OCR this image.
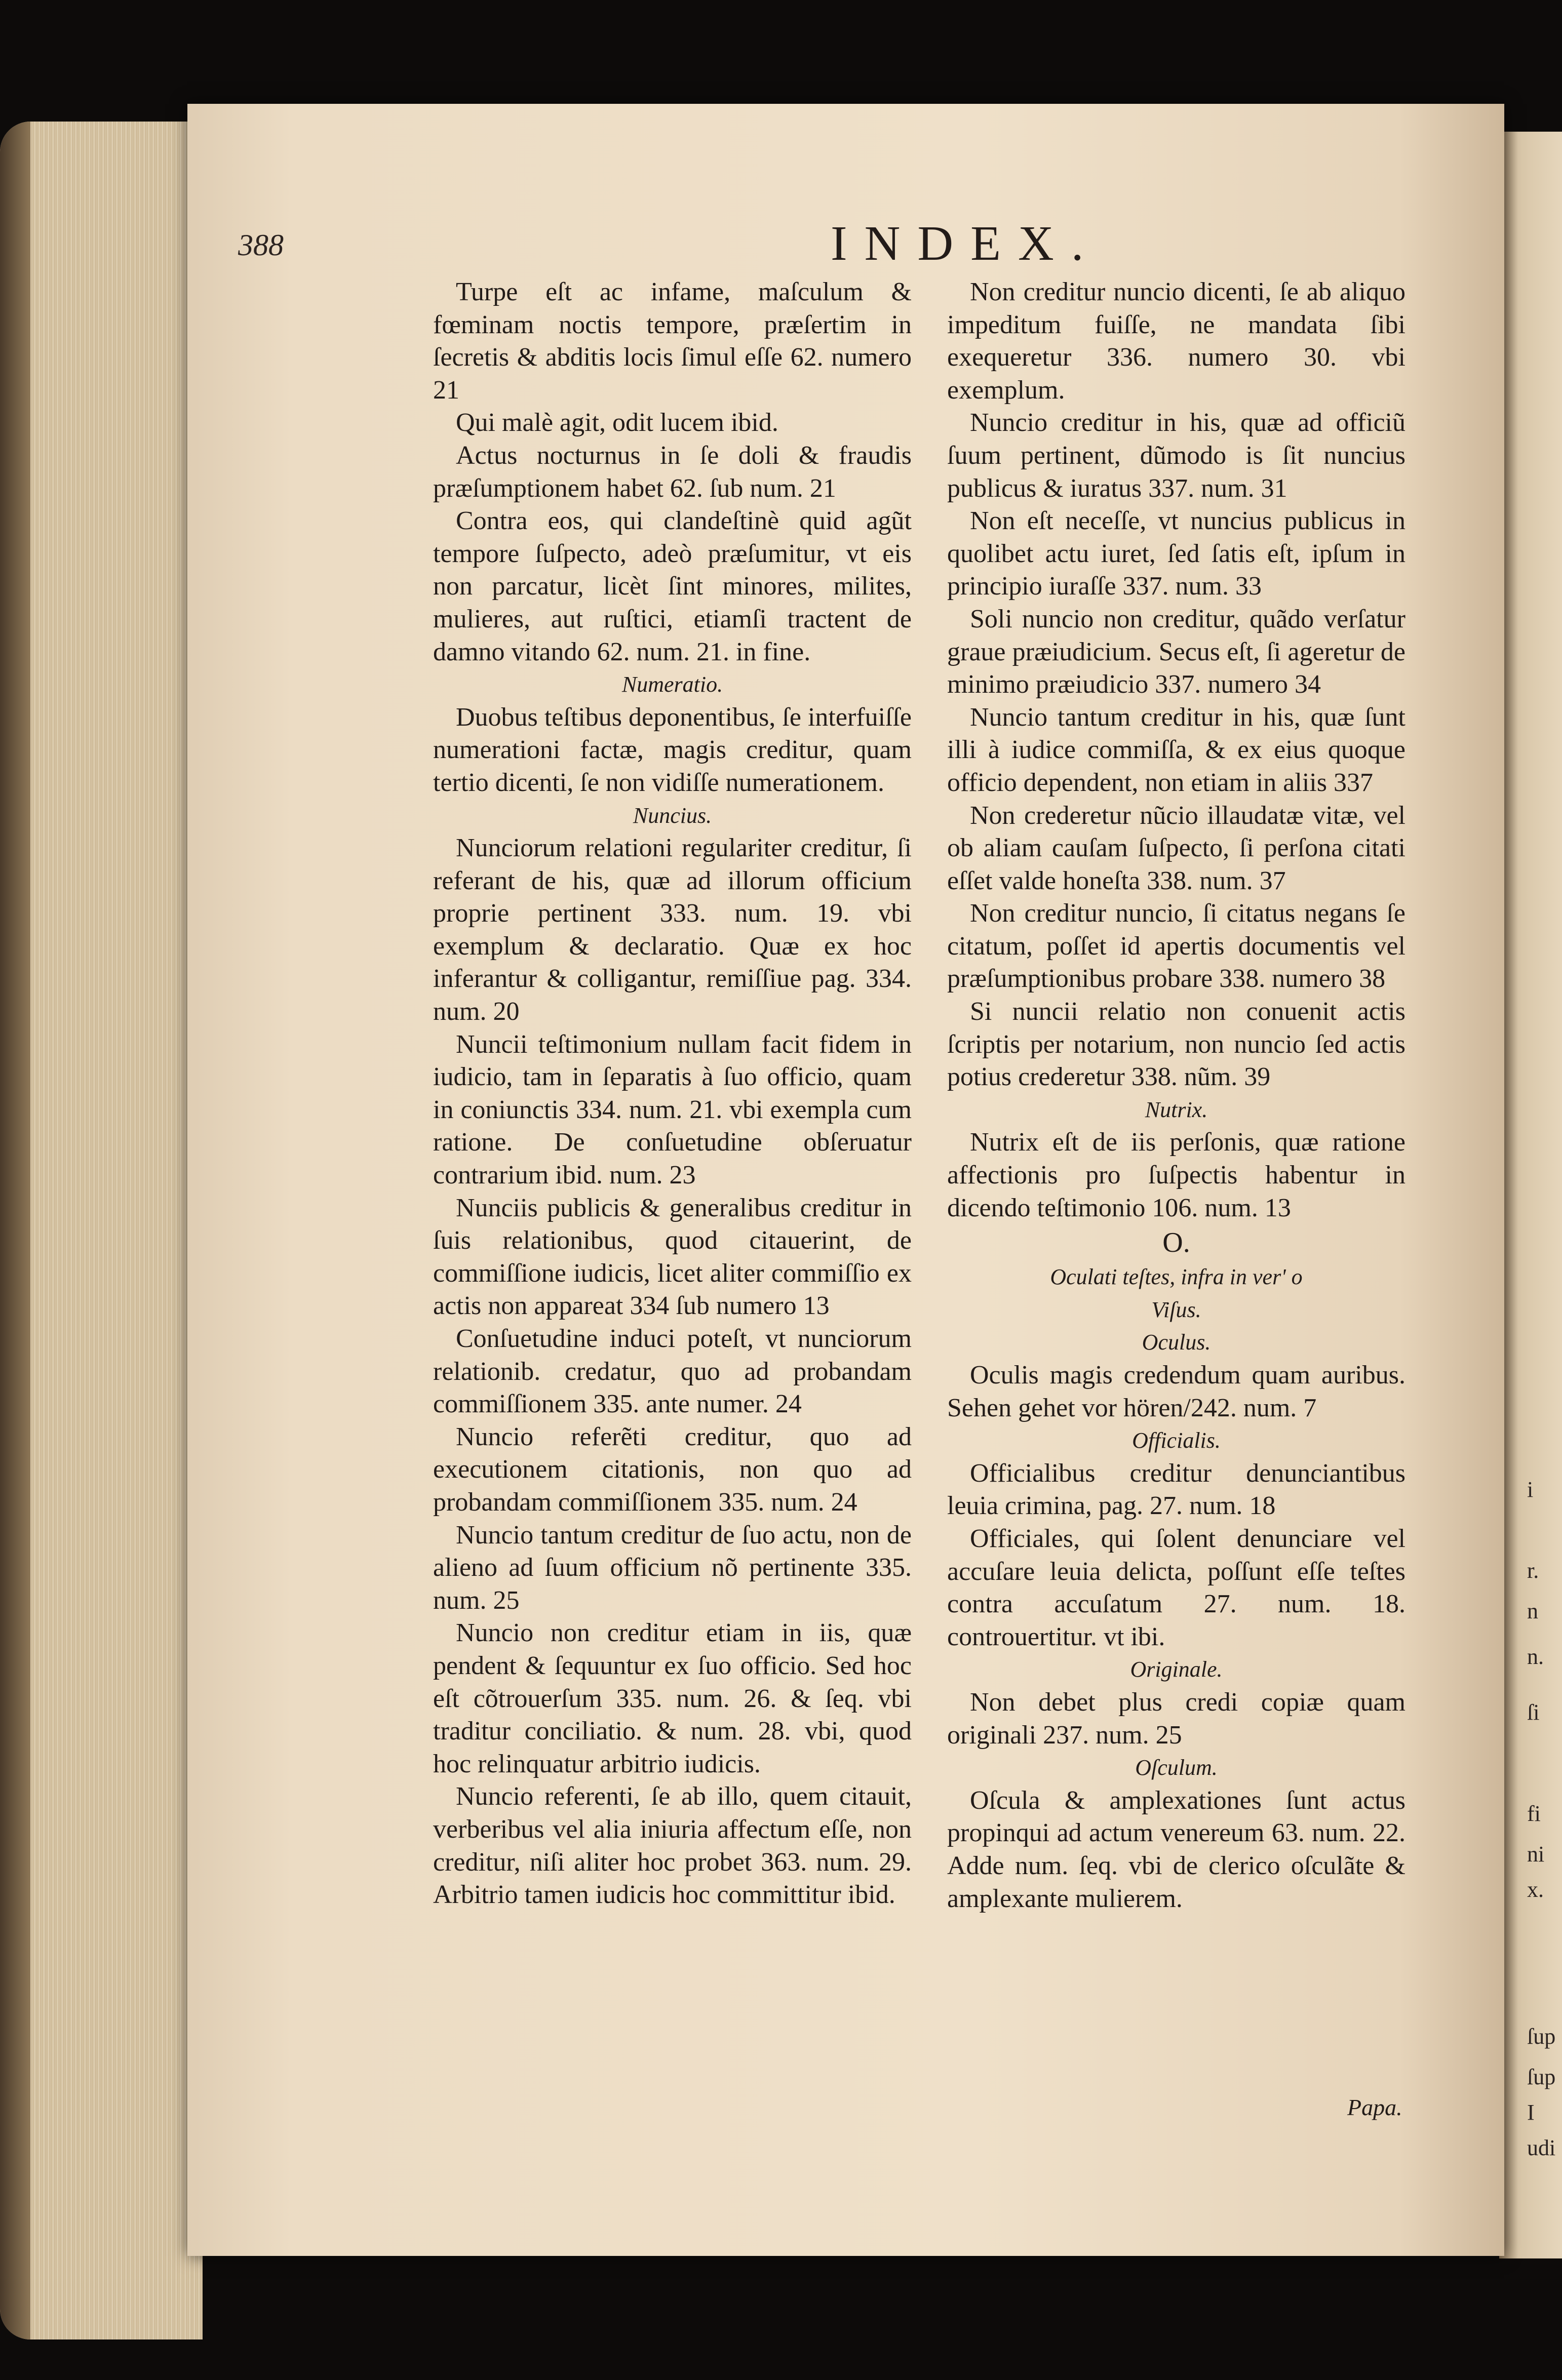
i
r.
n
n.
ſi
fi
ni
x.
ſup
ſup
I
udi
388	INDEX.

Turpe eſt ac infame, maſculum & fœminam noctis tempore, præſertim in ſecretis & abditis locis ſimul eſſe 62. numero 21

Qui malè agit, odit lucem ibid.

Actus nocturnus in ſe doli & fraudis præſumptionem habet 62. ſub num. 21

Contra eos, qui clandeſtinè quid agũt tempore ſuſpecto, adeò præſumitur, vt eis non parcatur, licèt ſint minores, milites, mulieres, aut ruſtici, etiamſi tractent de damno vitando 62. num. 21. in fine.

Numeratio.

Duobus teſtibus deponentibus, ſe interfuiſſe numerationi factæ, magis creditur, quam tertio dicenti, ſe non vidiſſe numerationem.

Nuncius.

Nunciorum relationi regulariter creditur, ſi referant de his, quæ ad illorum officium proprie pertinent 333. num. 19. vbi exemplum & declaratio. Quæ ex hoc inferantur & colligantur, remiſſiue pag. 334. num. 20

Nuncii teſtimonium nullam facit fidem in iudicio, tam in ſeparatis à ſuo officio, quam in coniunctis 334. num. 21. vbi exempla cum ratione. De conſuetudine obſeruatur contrarium ibid. num. 23

Nunciis publicis & generalibus creditur in ſuis relationibus, quod citauerint, de commiſſione iudicis, licet aliter commiſſio ex actis non appareat 334 ſub numero 13

Conſuetudine induci poteſt, vt nunciorum relationib. credatur, quo ad probandam commiſſionem 335. ante numer. 24

Nuncio referẽti creditur, quo ad executionem citationis, non quo ad probandam commiſſionem 335. num. 24

Nuncio tantum creditur de ſuo actu, non de alieno ad ſuum officium nõ pertinente 335. num. 25

Nuncio non creditur etiam in iis, quæ pendent & ſequuntur ex ſuo officio. Sed hoc eſt cõtrouerſum 335. num. 26. & ſeq. vbi traditur conciliatio. & num. 28. vbi, quod hoc relinquatur arbitrio iudicis.

Nuncio referenti, ſe ab illo, quem citauit, verberibus vel alia iniuria affectum eſſe, non creditur, niſi aliter hoc probet 363. num. 29. Arbitrio tamen iudicis hoc committitur ibid.

Non creditur nuncio dicenti, ſe ab aliquo impeditum fuiſſe, ne mandata ſibi exequeretur 336. numero 30. vbi exemplum.

Nuncio creditur in his, quæ ad officiũ ſuum pertinent, dũmodo is ſit nuncius publicus & iuratus 337. num. 31

Non eſt neceſſe, vt nuncius publicus in quolibet actu iuret, ſed ſatis eſt, ipſum in principio iuraſſe 337. num. 33

Soli nuncio non creditur, quãdo verſatur graue præiudicium. Secus eſt, ſi ageretur de minimo præiudicio 337. numero 34

Nuncio tantum creditur in his, quæ ſunt illi à iudice commiſſa, & ex eius quoque officio dependent, non etiam in aliis 337

Non crederetur nũcio illaudatæ vitæ, vel ob aliam cauſam ſuſpecto, ſi perſona citati eſſet valde honeſta 338. num. 37

Non creditur nuncio, ſi citatus negans ſe citatum, poſſet id apertis documentis vel præſumptionibus probare 338. numero 38

Si nuncii relatio non conuenit actis ſcriptis per notarium, non nuncio ſed actis potius crederetur 338. nũm. 39

Nutrix.

Nutrix eſt de iis perſonis, quæ ratione affectionis pro ſuſpectis habentur in dicendo teſtimonio 106. num. 13

O.

Oculati teſtes, infra in ver' o

Viſus.

Oculus.

Oculis magis credendum quam auribus. Sehen gehet vor hören/242. num. 7

Officialis.

Officialibus creditur denunciantibus leuia crimina, pag. 27. num. 18

Officiales, qui ſolent denunciare vel accuſare leuia delicta, poſſunt eſſe teſtes contra accuſatum 27. num. 18. controuertitur. vt ibi.

Originale.

Non debet plus credi copiæ quam originali 237. num. 25

Oſculum.

Oſcula & amplexationes ſunt actus propinqui ad actum venereum 63. num. 22. Adde num. ſeq. vbi de clerico oſculãte & amplexante mulierem.

Papa.
